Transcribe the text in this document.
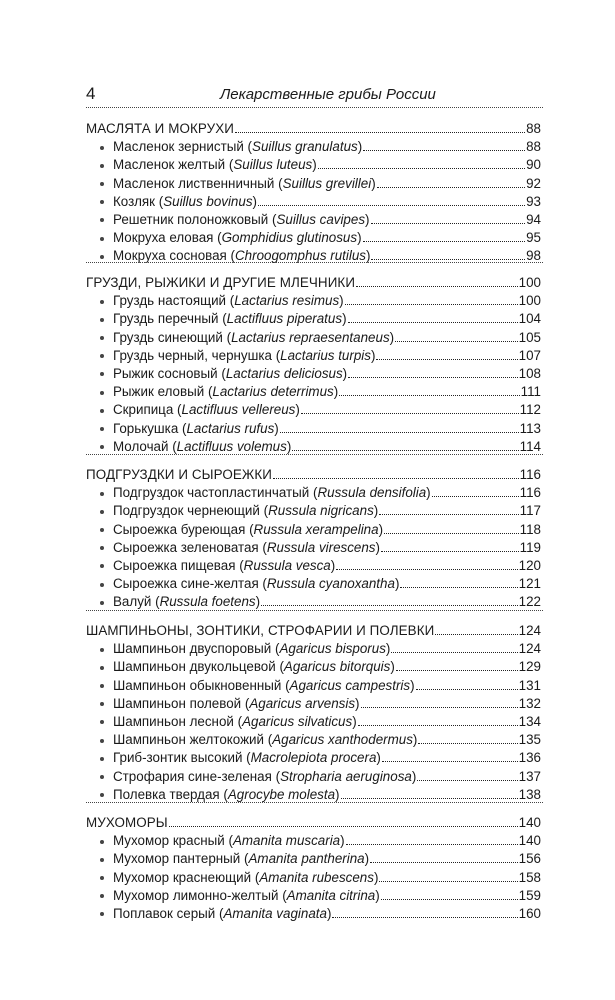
4	Лекарственные грибы России
МАСЛЯТА И МОКРУХИ	88
Масленок зернистый ( Suillus granulatus )	88
Масленок желтый ( Suillus luteus )	90
Масленок лиственничный ( Suillus grevillei )	92
Козляк ( Suillus bovinus )	93
Решетник полоножковый ( Suillus cavipes )	94
Мокруха еловая ( Gomphidius glutinosus )	95
Мокруха сосновая ( Chroogomphus rutilus )	98
ГРУЗДИ, РЫЖИКИ И ДРУГИЕ МЛЕЧНИКИ	100
Груздь настоящий ( Lactarius resimus )	100
Груздь перечный ( Lactifluus piperatus )	104
Груздь синеющий ( Lactarius repraesentaneus )	105
Груздь черный, чернушка ( Lactarius turpis )	107
Рыжик сосновый ( Lactarius deliciosus )	108
Рыжик еловый ( Lactarius deterrimus )	111
Скрипица ( Lactifluus vellereus )	112
Горькушка ( Lactarius rufus )	113
Молочай ( Lactifluus volemus )	114
ПОДГРУЗДКИ И СЫРОЕЖКИ	116
Подгруздок частопластинчатый ( Russula densifolia )	116
Подгруздок чернеющий ( Russula nigricans )	117
Сыроежка буреющая ( Russula xerampelina )	118
Сыроежка зеленоватая ( Russula virescens )	119
Сыроежка пищевая ( Russula vesca )	120
Сыроежка сине-желтая ( Russula cyanoxantha )	121
Валуй ( Russula foetens )	122
ШАМПИНЬОНЫ, ЗОНТИКИ, СТРОФАРИИ И ПОЛЕВКИ	124
Шампиньон двуспоровый ( Agaricus bisporus )	124
Шампиньон двукольцевой ( Agaricus bitorquis )	129
Шампиньон обыкновенный ( Agaricus campestris )	131
Шампиньон полевой ( Agaricus arvensis )	132
Шампиньон лесной ( Agaricus silvaticus )	134
Шампиньон желтокожий ( Agaricus xanthodermus )	135
Гриб-зонтик высокий ( Macrolepiota procera )	136
Строфария сине-зеленая ( Stropharia aeruginosa )	137
Полевка твердая ( Agrocybe molesta )	138
МУХОМОРЫ	140
Мухомор красный ( Amanita muscaria )	140
Мухомор пантерный ( Amanita pantherina )	156
Мухомор краснеющий ( Amanita rubescens )	158
Мухомор лимонно-желтый ( Amanita citrina )	159
Поплавок серый ( Amanita vaginata )	160
